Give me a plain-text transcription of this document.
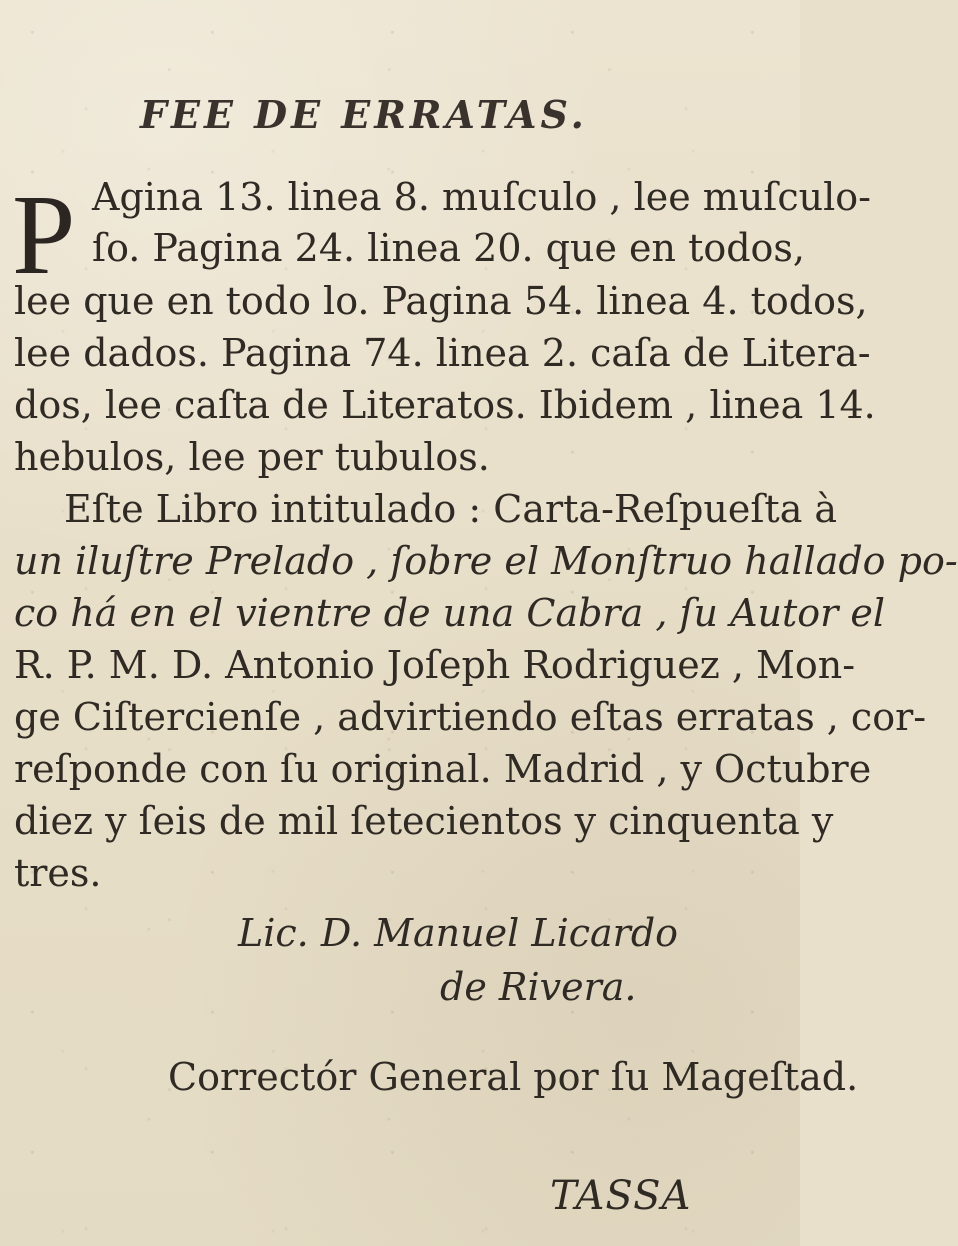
FEE DE ERRATAS.
P Agina 13. linea 8. muſculo , lee muſculo-
ſo. Pagina 24. linea 20. que en todos,
lee que en todo lo. Pagina 54. linea 4. todos,
lee dados. Pagina 74. linea 2. caſa de Litera-
dos, lee caſta de Literatos. Ibidem , linea 14.
hebulos, lee per tubulos.
Eſte Libro intitulado : Carta-Reſpueſta à
un iluſtre Prelado , ſobre el Monſtruo hallado po-
co há en el vientre de una Cabra , ſu Autor el
R. P. M. D. Antonio Joſeph Rodriguez , Mon-
ge Ciſtercienſe , advirtiendo eſtas erratas , cor-
reſponde con ſu original. Madrid , y Octubre
diez y ſeis de mil ſetecientos y cinquenta y
tres.
Lic. D. Manuel Licardo
de Rivera.
Correctór General por ſu Mageſtad.
TASSA
